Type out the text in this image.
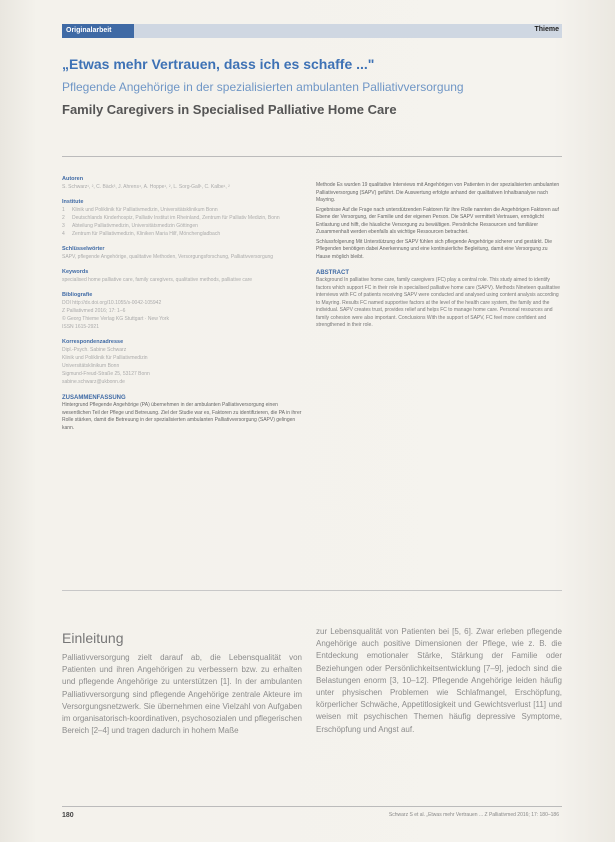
Originalarbeit	Thieme
„Etwas mehr Vertrauen, dass ich es schaffe ..."
Pflegende Angehörige in der spezialisierten ambulanten Palliativversorgung
Family Caregivers in Specialised Palliative Home Care
Autoren
S. Schwarz¹, ², C. Bäck³, J. Ahrens⁴, A. Hoppe¹, ², L. Sorg-Gall¹, C. Kalbe¹, ²
Institute
1	Klinik und Poliklinik für Palliativmedizin, Universitätsklinikum Bonn
2	Deutschlands Kinderhospiz, Palliativ Institut im Rheinland, Zentrum für Palliativ Medizin, Bonn
3	Abteilung Palliativmedizin, Universitätsmedizin Göttingen
4	Zentrum für Palliativmedizin, Kliniken Maria Hilf, Mönchengladbach
Schlüsselwörter
SAPV, pflegende Angehörige, qualitative Methoden, Versorgungsforschung, Palliativversorgung
Keywords
specialised home palliative care, family caregivers, qualitative methods, palliative care
Bibliografie
DOI http://dx.doi.org/10.1055/s-0042-105942
Z Palliativmed 2016; 17: 1–6
© Georg Thieme Verlag KG Stuttgart · New York
ISSN 1615-2921
Korrespondenzadresse
Dipl.-Psych. Sabine Schwarz
Klinik und Poliklinik für Palliativmedizin
Universitätsklinikum Bonn
Sigmund-Freud-Straße 25, 53127 Bonn
sabine.schwarz@ukbonn.de
ZUSAMMENFASSUNG
Hintergrund Pflegende Angehörige (PA) übernehmen in der ambulanten Palliativversorgung einen wesentlichen Teil der Pflege und Betreuung. Ziel der Studie war es, Faktoren zu identifizieren, die PA in ihrer Rolle stärken, damit die Betreuung in der spezialisierten ambulanten Palliativversorgung (SAPV) gelingen kann.
Methode Es wurden 19 qualitative Interviews mit Angehörigen von Patienten in der spezialisierten ambulanten Palliativversorgung (SAPV) geführt. Die Auswertung erfolgte anhand der qualitativen Inhaltsanalyse nach Mayring.
Ergebnisse Auf die Frage nach unterstützenden Faktoren für ihre Rolle nannten die Angehörigen Faktoren auf Ebene der Versorgung, der Familie und der eigenen Person. Die SAPV vermittelt Vertrauen, ermöglicht Entlastung und hilft, die häusliche Versorgung zu bewältigen. Persönliche Ressourcen und familiärer Zusammenhalt werden ebenfalls als wichtige Ressourcen betrachtet.
Schlussfolgerung Mit Unterstützung der SAPV fühlen sich pflegende Angehörige sicherer und gestärkt. Die Pflegenden benötigen dabei Anerkennung und eine kontinuierliche Begleitung, damit eine Versorgung zu Hause möglich bleibt.
ABSTRACT
Background In palliative home care, family caregivers (FC) play a central role. This study aimed to identify factors which support FC in their role in specialised palliative home care (SAPV). Methods Nineteen qualitative interviews with FC of patients receiving SAPV were conducted and analysed using content analysis according to Mayring. Results FC named supportive factors at the level of the health care system, the family and the individual. SAPV creates trust, provides relief and helps FC to manage home care. Personal resources and family cohesion were also important. Conclusions With the support of SAPV, FC feel more confident and strengthened in their role.
Einleitung
Palliativversorgung zielt darauf ab, die Lebensqualität von Patienten und ihren Angehörigen zu verbessern bzw. zu erhalten und pflegende Angehörige zu unterstützen [1]. In der ambulanten Palliativversorgung sind pflegende Angehörige zentrale Akteure im Versorgungsnetzwerk. Sie übernehmen eine Vielzahl von Aufgaben im organisatorisch-koordinativen, psychosozialen und pflegerischen Bereich [2–4] und tragen dadurch in hohem Maße
zur Lebensqualität von Patienten bei [5, 6]. Zwar erleben pflegende Angehörige auch positive Dimensionen der Pflege, wie z. B. die Entdeckung emotionaler Stärke, Stärkung der Familie oder Beziehungen oder Persönlichkeitsentwicklung [7–9], jedoch sind die Belastungen enorm [3, 10–12]. Pflegende Angehörige leiden häufig unter physischen Problemen wie Schlafmangel, Erschöpfung, körperlicher Schwäche, Appetitlosigkeit und Gewichtsverlust [11] und weisen mit psychischen Themen häufig depressive Symptome, Erschöpfung und Angst auf.
180	Schwarz S et al. „Etwas mehr Vertrauen ... Z Palliativmed 2016; 17: 180–186
